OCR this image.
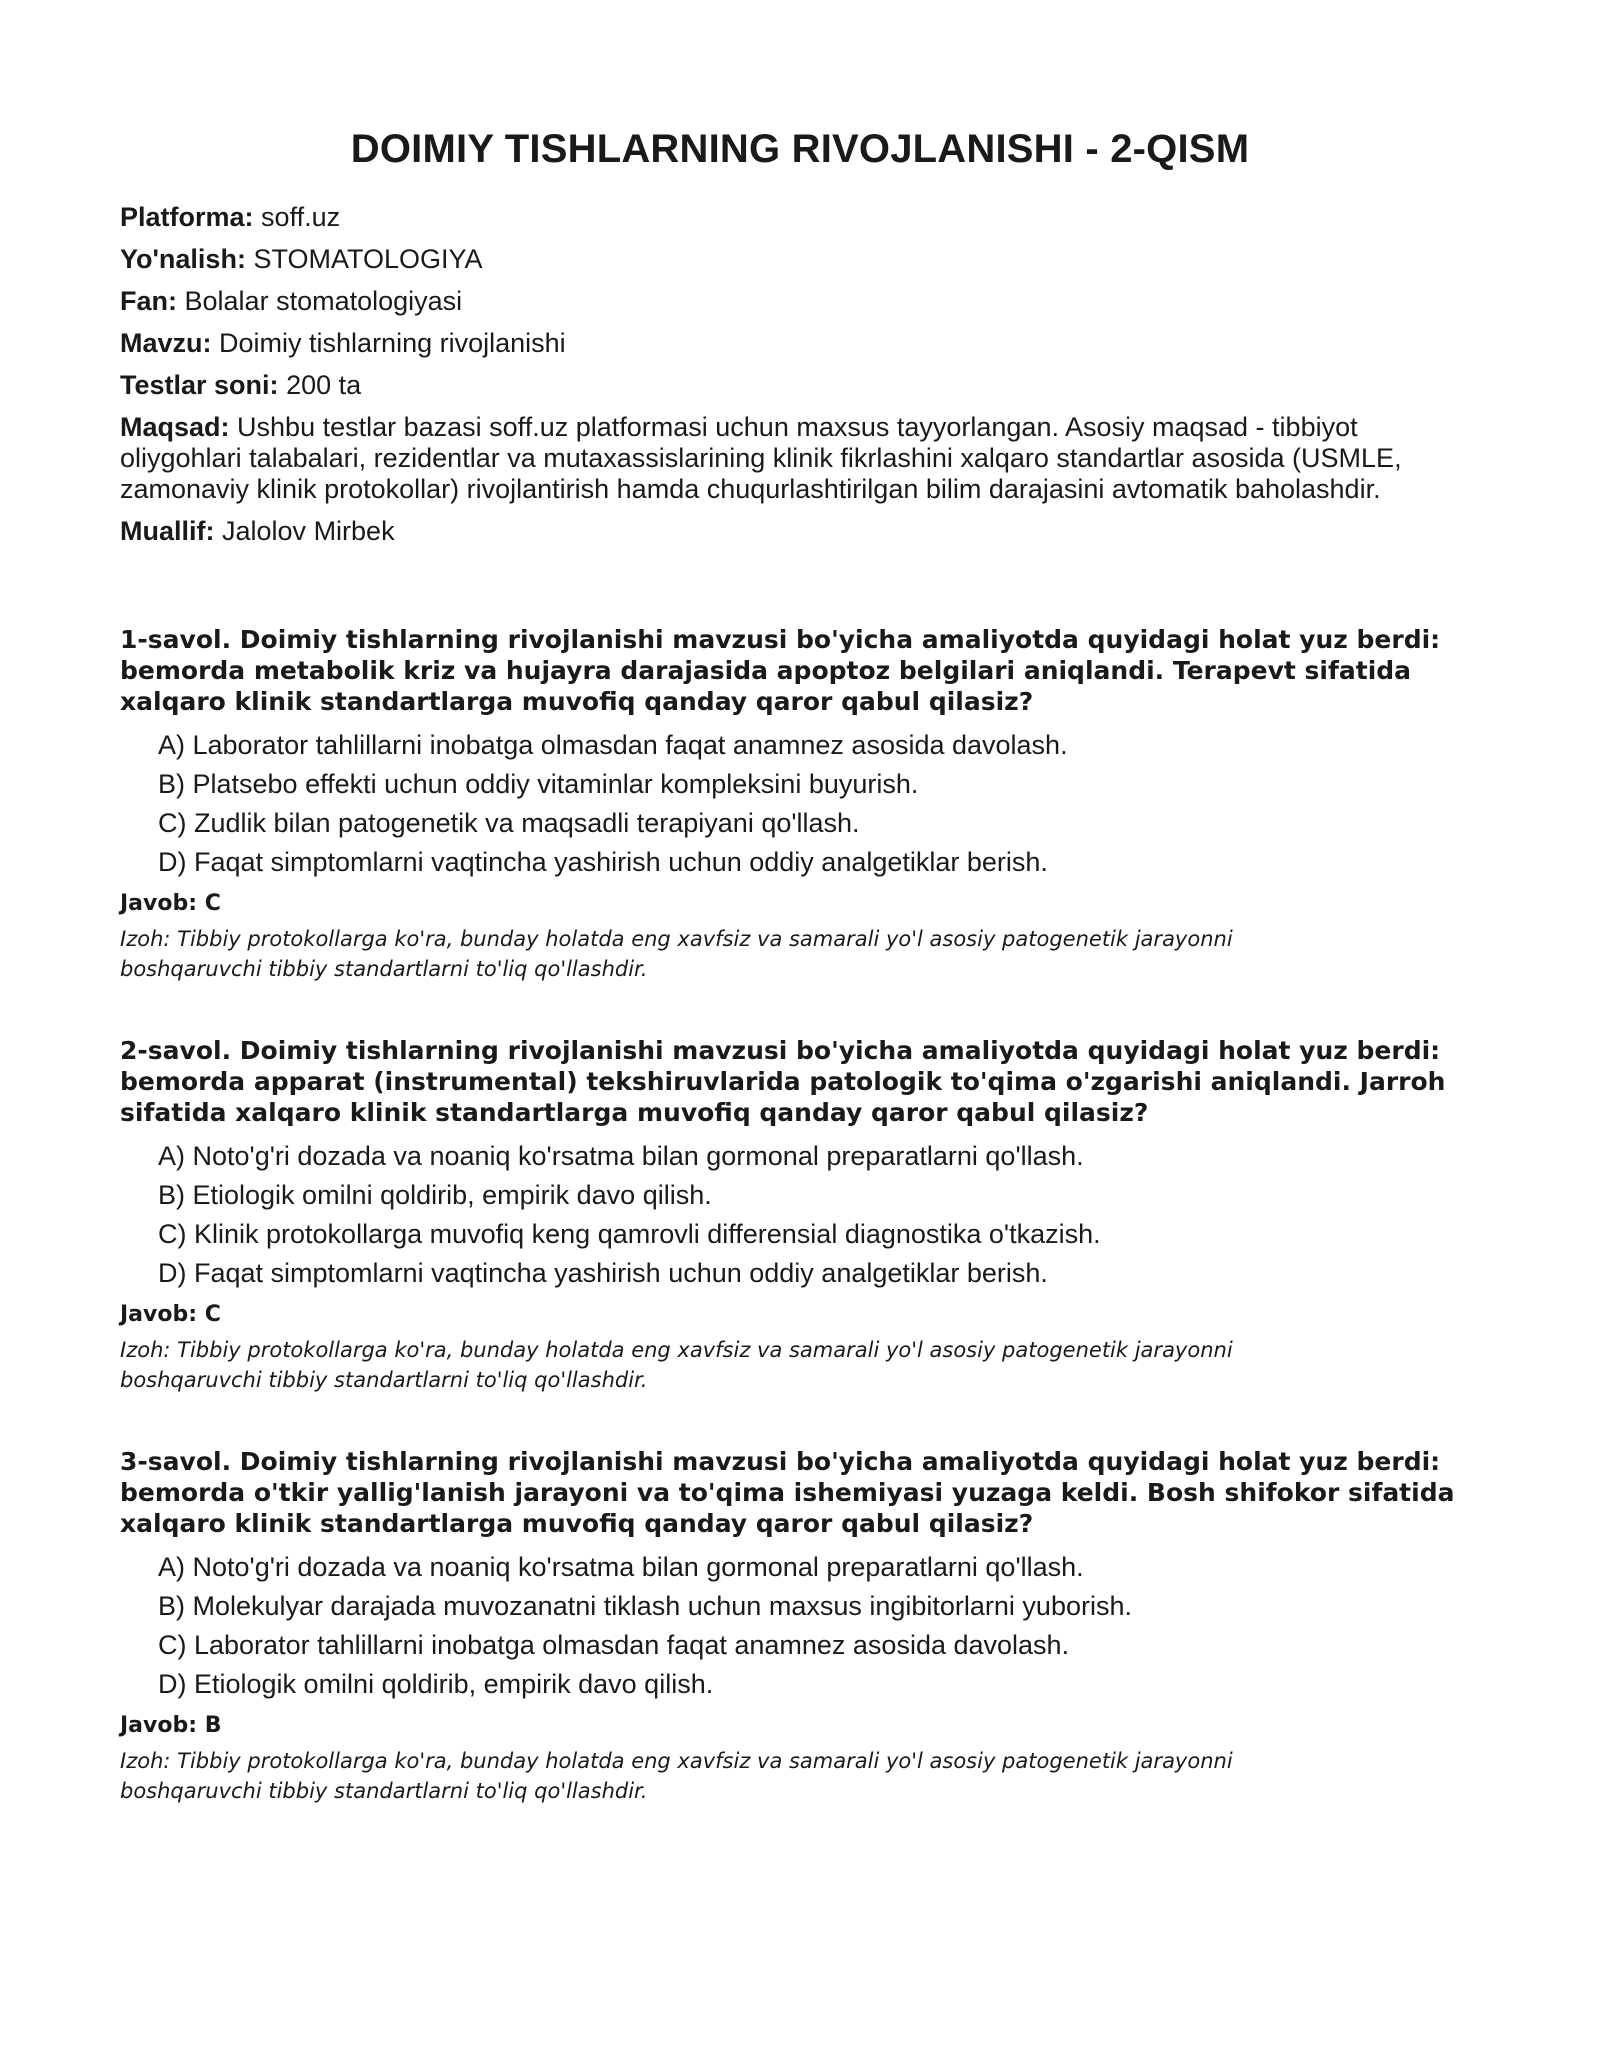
DOIMIY TISHLARNING RIVOJLANISHI - 2-QISM
Platforma: soff.uz
Yo'nalish: STOMATOLOGIYA
Fan: Bolalar stomatologiyasi
Mavzu: Doimiy tishlarning rivojlanishi
Testlar soni: 200 ta
Maqsad: Ushbu testlar bazasi soff.uz platformasi uchun maxsus tayyorlangan. Asosiy maqsad - tibbiyot oliygohlari talabalari, rezidentlar va mutaxassislarining klinik fikrlashini xalqaro standartlar asosida (USMLE, zamonaviy klinik protokollar) rivojlantirish hamda chuqurlashtirilgan bilim darajasini avtomatik baholashdir.
Muallif: Jalolov Mirbek
1-savol. Doimiy tishlarning rivojlanishi mavzusi bo'yicha amaliyotda quyidagi holat yuz berdi: bemorda metabolik kriz va hujayra darajasida apoptoz belgilari aniqlandi. Terapevt sifatida xalqaro klinik standartlarga muvofiq qanday qaror qabul qilasiz?
A) Laborator tahlillarni inobatga olmasdan faqat anamnez asosida davolash.
B) Platsebo effekti uchun oddiy vitaminlar kompleksini buyurish.
C) Zudlik bilan patogenetik va maqsadli terapiyani qo'llash.
D) Faqat simptomlarni vaqtincha yashirish uchun oddiy analgetiklar berish.
Javob: C
Izoh: Tibbiy protokollarga ko'ra, bunday holatda eng xavfsiz va samarali yo'l asosiy patogenetik jarayonni boshqaruvchi tibbiy standartlarni to'liq qo'llashdir.
2-savol. Doimiy tishlarning rivojlanishi mavzusi bo'yicha amaliyotda quyidagi holat yuz berdi: bemorda apparat (instrumental) tekshiruvlarida patologik to'qima o'zgarishi aniqlandi. Jarroh sifatida xalqaro klinik standartlarga muvofiq qanday qaror qabul qilasiz?
A) Noto'g'ri dozada va noaniq ko'rsatma bilan gormonal preparatlarni qo'llash.
B) Etiologik omilni qoldirib, empirik davo qilish.
C) Klinik protokollarga muvofiq keng qamrovli differensial diagnostika o'tkazish.
D) Faqat simptomlarni vaqtincha yashirish uchun oddiy analgetiklar berish.
Javob: C
Izoh: Tibbiy protokollarga ko'ra, bunday holatda eng xavfsiz va samarali yo'l asosiy patogenetik jarayonni boshqaruvchi tibbiy standartlarni to'liq qo'llashdir.
3-savol. Doimiy tishlarning rivojlanishi mavzusi bo'yicha amaliyotda quyidagi holat yuz berdi: bemorda o'tkir yallig'lanish jarayoni va to'qima ishemiyasi yuzaga keldi. Bosh shifokor sifatida xalqaro klinik standartlarga muvofiq qanday qaror qabul qilasiz?
A) Noto'g'ri dozada va noaniq ko'rsatma bilan gormonal preparatlarni qo'llash.
B) Molekulyar darajada muvozanatni tiklash uchun maxsus ingibitorlarni yuborish.
C) Laborator tahlillarni inobatga olmasdan faqat anamnez asosida davolash.
D) Etiologik omilni qoldirib, empirik davo qilish.
Javob: B
Izoh: Tibbiy protokollarga ko'ra, bunday holatda eng xavfsiz va samarali yo'l asosiy patogenetik jarayonni boshqaruvchi tibbiy standartlarni to'liq qo'llashdir.
